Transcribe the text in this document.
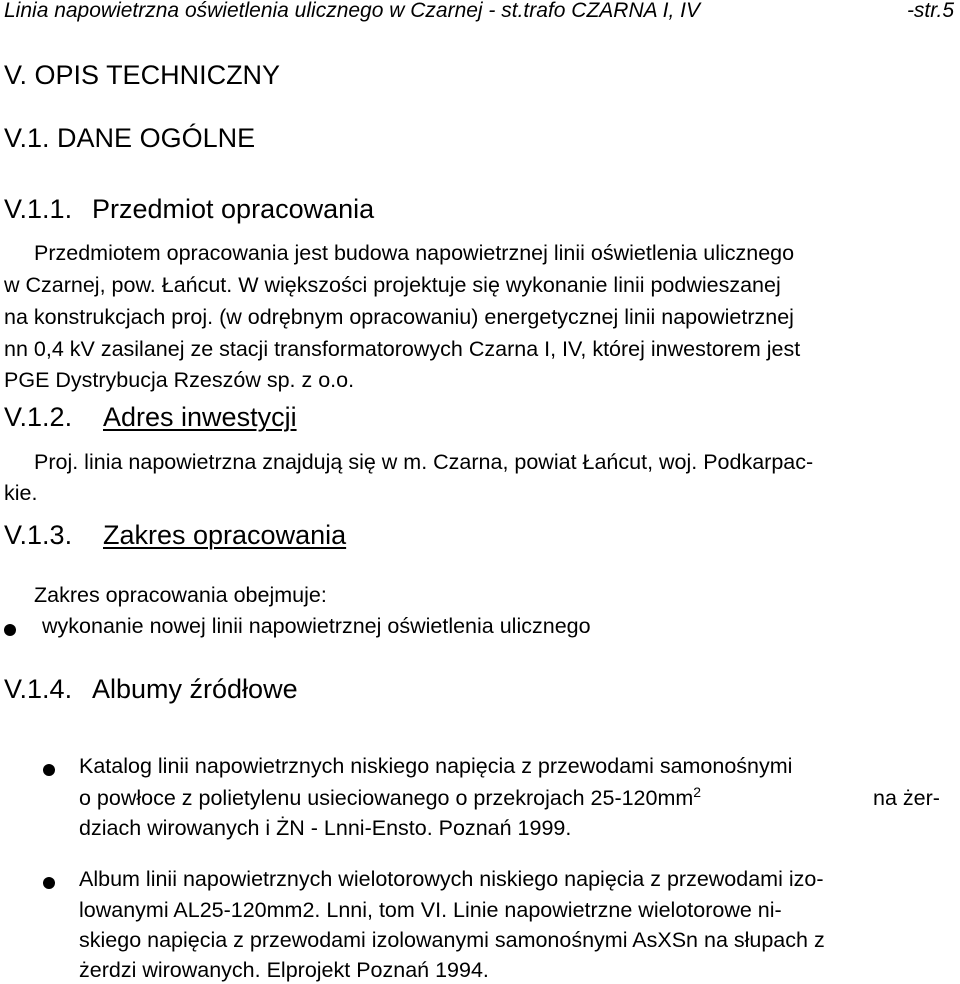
Linia napowietrzna oświetlenia ulicznego w Czarnej - st.trafo CZARNA I, IV	-str.5
V. OPIS TECHNICZNY
V.1. DANE OGÓLNE
V.1.1. Przedmiot opracowania
Przedmiotem opracowania jest budowa napowietrznej linii oświetlenia ulicznego
w Czarnej, pow. Łańcut. W większości projektuje się wykonanie linii podwieszanej
na konstrukcjach proj. (w odrębnym opracowaniu) energetycznej linii napowietrznej
nn 0,4 kV zasilanej ze stacji transformatorowych Czarna I, IV, której inwestorem jest
PGE Dystrybucja Rzeszów sp. z o.o.
V.1.2. Adres inwestycji
Proj. linia napowietrzna znajdują się w m. Czarna, powiat Łańcut, woj. Podkarpac-
kie.
V.1.3. Zakres opracowania
Zakres opracowania obejmuje:
wykonanie nowej linii napowietrznej oświetlenia ulicznego
V.1.4. Albumy źródłowe
Katalog linii napowietrznych niskiego napięcia z przewodami samonośnymi
o powłoce z polietylenu usieciowanego o przekrojach $25-120mm^2$	na żer-
dziach wirowanych i ŻN - Lnni-Ensto. Poznań 1999.
Album linii napowietrznych wielotorowych niskiego napięcia z przewodami izo-
lowanymi AL25-120mm2. Lnni, tom VI. Linie napowietrzne wielotorowe ni-
skiego napięcia z przewodami izolowanymi samonośnymi AsXSn na słupach z
żerdzi wirowanych. Elprojekt Poznań 1994.
